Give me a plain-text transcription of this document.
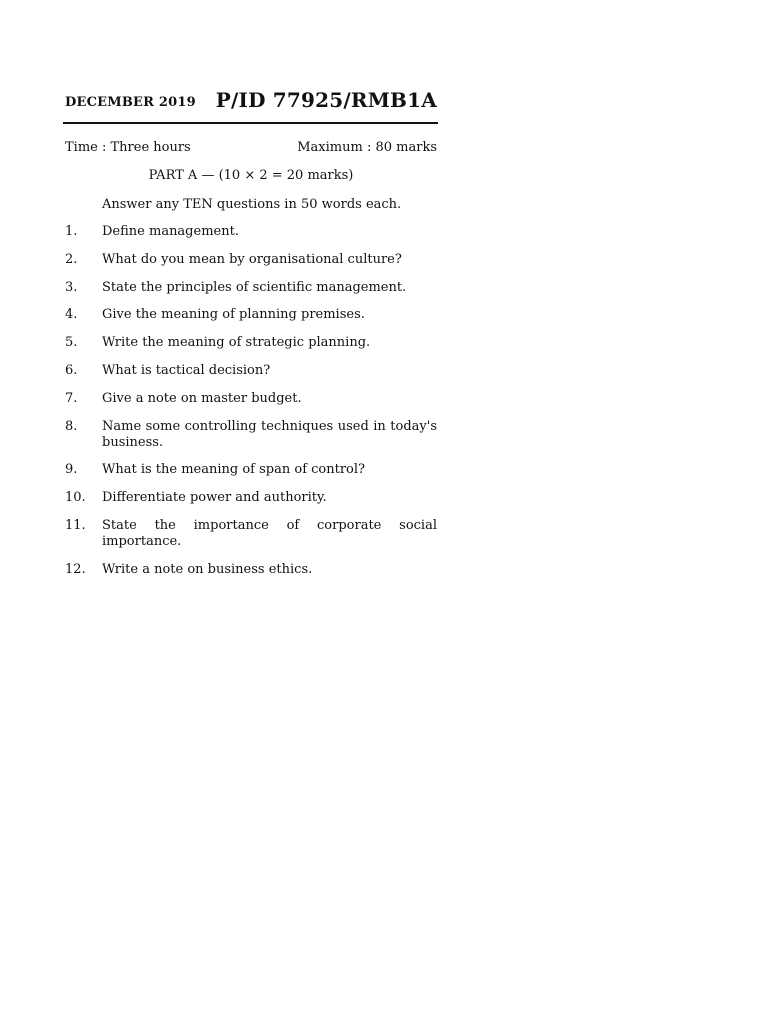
DECEMBER 2019 P/ID 77925/RMB1A
Time : Three hours	Maximum : 80 marks
PART A — (10 × 2 = 20 marks)
Answer any TEN questions in 50 words each.
1.	Define management.
2.	What do you mean by organisational culture?
3.	State the principles of scientific management.
4.	Give the meaning of planning premises.
5.	Write the meaning of strategic planning.
6.	What is tactical decision?
7.	Give a note on master budget.
8.	Name some controlling techniques used in today's business.
9.	What is the meaning of span of control?
10.	Differentiate power and authority.
11.	State the importance of corporate social importance.
12.	Write a note on business ethics.
